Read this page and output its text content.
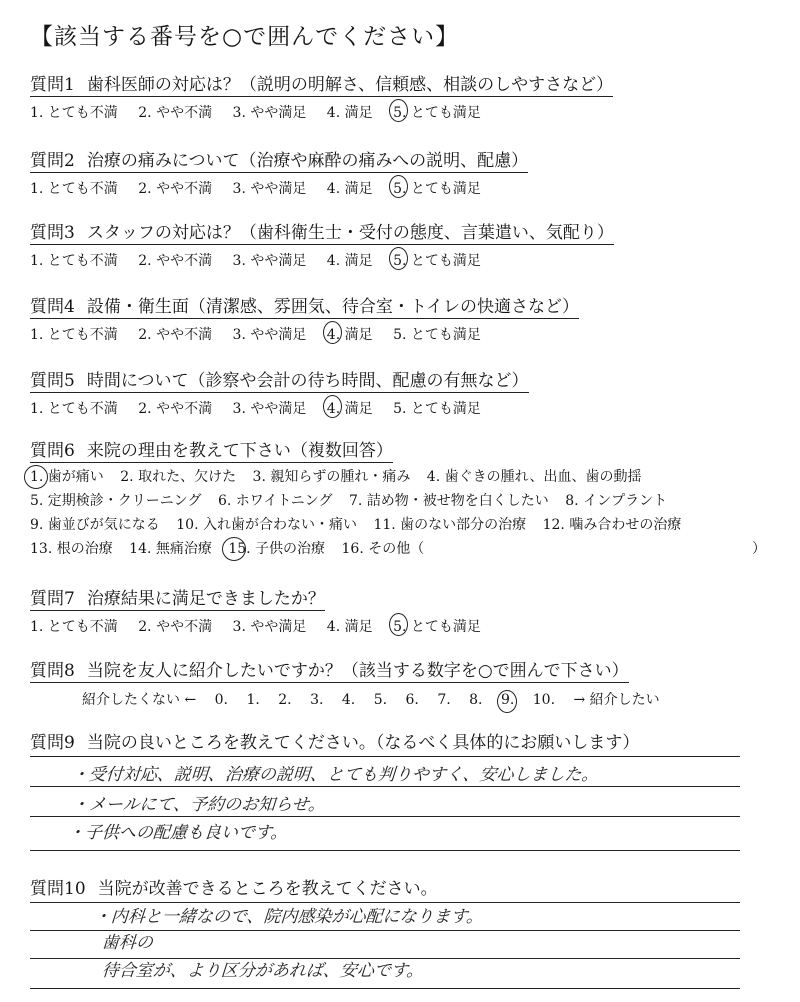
【該当する番号を○で囲んでください】
質問1 歯科医師の対応は？（説明の明解さ、信頼感、相談のしやすさなど）
1. とても不満 2. やや不満 3. やや満足 4. 満足 5. とても満足
質問2 治療の痛みについて（治療や麻酔の痛みへの説明、配慮）
1. とても不満 2. やや不満 3. やや満足 4. 満足 5. とても満足
質問3 スタッフの対応は？（歯科衛生士・受付の態度、言葉遣い、気配り）
1. とても不満 2. やや不満 3. やや満足 4. 満足 5. とても満足
質問4 設備・衛生面（清潔感、雰囲気、待合室・トイレの快適さなど）
1. とても不満 2. やや不満 3. やや満足 4. 満足 5. とても満足
質問5 時間について（診察や会計の待ち時間、配慮の有無など）
1. とても不満 2. やや不満 3. やや満足 4. 満足 5. とても満足
質問6 来院の理由を教えて下さい（複数回答）
1. 歯が痛い 2. 取れた、欠けた 3. 親知らずの腫れ・痛み 4. 歯ぐきの腫れ、出血、歯の動揺
5. 定期検診・クリーニング 6. ホワイトニング 7. 詰め物・被せ物を白くしたい 8. インプラント
9. 歯並びが気になる 10. 入れ歯が合わない・痛い 11. 歯のない部分の治療 12. 噛み合わせの治療
13. 根の治療 14. 無痛治療 15. 子供の治療 16. その他（	）
質問7 治療結果に満足できましたか？
1. とても不満 2. やや不満 3. やや満足 4. 満足 5. とても満足
質問8 当院を友人に紹介したいですか？（該当する数字を○で囲んで下さい）
紹介したくない ← 0. 1. 2. 3. 4. 5. 6. 7. 8. 9. 10. → 紹介したい
質問9 当院の良いところを教えてください。（なるべく具体的にお願いします）
・受付対応、説明、治療の説明、とても判りやすく、安心しました。
・メールにて、予約のお知らせ。
・子供への配慮も良いです。
質問10 当院が改善できるところを教えてください。
・内科と一緒なので、院内感染が心配になります。
歯科の
待合室が、より区分があれば、安心です。
